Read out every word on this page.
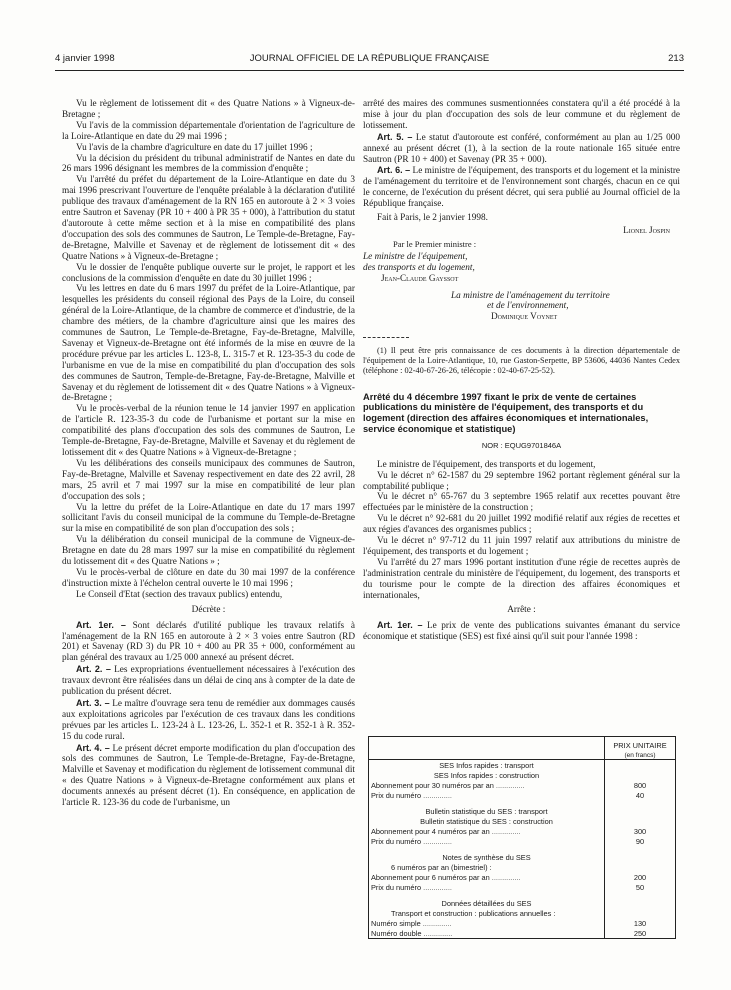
4 janvier 1998	JOURNAL OFFICIEL DE LA RÉPUBLIQUE FRANÇAISE	213

Vu le règlement de lotissement dit « des Quatre Nations » à Vigneux-de-Bretagne ;

Vu l'avis de la commission départementale d'orientation de l'agriculture de la Loire-Atlantique en date du 29 mai 1996 ;

Vu l'avis de la chambre d'agriculture en date du 17 juillet 1996 ;

Vu la décision du président du tribunal administratif de Nantes en date du 26 mars 1996 désignant les membres de la commission d'enquête ;

Vu l'arrêté du préfet du département de la Loire-Atlantique en date du 3 mai 1996 prescrivant l'ouverture de l'enquête préalable à la déclaration d'utilité publique des travaux d'aménagement de la RN 165 en autoroute à 2 × 3 voies entre Sautron et Savenay (PR 10 + 400 à PR 35 + 000), à l'attribution du statut d'autoroute à cette même section et à la mise en compatibilité des plans d'occupation des sols des communes de Sautron, Le Temple-de-Bretagne, Fay-de-Bretagne, Malville et Savenay et de règlement de lotissement dit « des Quatre Nations » à Vigneux-de-Bretagne ;

Vu le dossier de l'enquête publique ouverte sur le projet, le rapport et les conclusions de la commission d'enquête en date du 30 juillet 1996 ;

Vu les lettres en date du 6 mars 1997 du préfet de la Loire-Atlantique, par lesquelles les présidents du conseil régional des Pays de la Loire, du conseil général de la Loire-Atlantique, de la chambre de commerce et d'industrie, de la chambre des métiers, de la chambre d'agriculture ainsi que les maires des communes de Sautron, Le Temple-de-Bretagne, Fay-de-Bretagne, Malville, Savenay et Vigneux-de-Bretagne ont été informés de la mise en œuvre de la procédure prévue par les articles L. 123-8, L. 315-7 et R. 123-35-3 du code de l'urbanisme en vue de la mise en compatibilité du plan d'occupation des sols des communes de Sautron, Temple-de-Bretagne, Fay-de-Bretagne, Malville et Savenay et du règlement de lotissement dit « des Quatre Nations » à Vigneux-de-Bretagne ;

Vu le procès-verbal de la réunion tenue le 14 janvier 1997 en application de l'article R. 123-35-3 du code de l'urbanisme et portant sur la mise en compatibilité des plans d'occupation des sols des communes de Sautron, Le Temple-de-Bretagne, Fay-de-Bretagne, Malville et Savenay et du règlement de lotissement dit « des Quatre Nations » à Vigneux-de-Bretagne ;

Vu les délibérations des conseils municipaux des communes de Sautron, Fay-de-Bretagne, Malville et Savenay respectivement en date des 22 avril, 28 mars, 25 avril et 7 mai 1997 sur la mise en compatibilité de leur plan d'occupation des sols ;

Vu la lettre du préfet de la Loire-Atlantique en date du 17 mars 1997 sollicitant l'avis du conseil municipal de la commune du Temple-de-Bretagne sur la mise en compatibilité de son plan d'occupation des sols ;

Vu la délibération du conseil municipal de la commune de Vigneux-de-Bretagne en date du 28 mars 1997 sur la mise en compatibilité du règlement du lotissement dit « des Quatre Nations » ;

Vu le procès-verbal de clôture en date du 30 mai 1997 de la conférence d'instruction mixte à l'échelon central ouverte le 10 mai 1996 ;

Le Conseil d'Etat (section des travaux publics) entendu,

Décrète :

Art. 1er. – Sont déclarés d'utilité publique les travaux relatifs à l'aménagement de la RN 165 en autoroute à 2 × 3 voies entre Sautron (RD 201) et Savenay (RD 3) du PR 10 + 400 au PR 35 + 000, conformément au plan général des travaux au 1/25 000 annexé au présent décret.

Art. 2. – Les expropriations éventuellement nécessaires à l'exécution des travaux devront être réalisées dans un délai de cinq ans à compter de la date de publication du présent décret.

Art. 3. – Le maître d'ouvrage sera tenu de remédier aux dommages causés aux exploitations agricoles par l'exécution de ces travaux dans les conditions prévues par les articles L. 123-24 à L. 123-26, L. 352-1 et R. 352-1 à R. 352-15 du code rural.

Art. 4. – Le présent décret emporte modification du plan d'occupation des sols des communes de Sautron, Le Temple-de-Bretagne, Fay-de-Bretagne, Malville et Savenay et modification du règlement de lotissement communal dit « des Quatre Nations » à Vigneux-de-Bretagne conformément aux plans et documents annexés au présent décret (1). En conséquence, en application de l'article R. 123-36 du code de l'urbanisme, un

arrêté des maires des communes susmentionnées constatera qu'il a été procédé à la mise à jour du plan d'occupation des sols de leur commune et du règlement de lotissement.

Art. 5. – Le statut d'autoroute est conféré, conformément au plan au 1/25 000 annexé au présent décret (1), à la section de la route nationale 165 située entre Sautron (PR 10 + 400) et Savenay (PR 35 + 000).

Art. 6. – Le ministre de l'équipement, des transports et du logement et la ministre de l'aménagement du territoire et de l'environnement sont chargés, chacun en ce qui le concerne, de l'exécution du présent décret, qui sera publié au Journal officiel de la République française.

Fait à Paris, le 2 janvier 1998.

Lionel Jospin

Par le Premier ministre :

Le ministre de l'équipement,

des transports et du logement,

Jean-Claude Gayssot

La ministre de l'aménagement du territoire

et de l'environnement,

Dominique Voynet

(1) Il peut être pris connaissance de ces documents à la direction départementale de l'équipement de la Loire-Atlantique, 10, rue Gaston-Serpette, BP 53606, 44036 Nantes Cedex (téléphone : 02-40-67-26-26, télécopie : 02-40-67-25-52).

Arrêté du 4 décembre 1997 fixant le prix de vente de certaines publications du ministère de l'équipement, des transports et du logement (direction des affaires économiques et internationales, service économique et statistique)

NOR : EQUG9701846A

Le ministre de l'équipement, des transports et du logement,

Vu le décret n° 62-1587 du 29 septembre 1962 portant règlement général sur la comptabilité publique ;

Vu le décret n° 65-767 du 3 septembre 1965 relatif aux recettes pouvant être effectuées par le ministère de la construction ;

Vu le décret n° 92-681 du 20 juillet 1992 modifié relatif aux régies de recettes et aux régies d'avances des organismes publics ;

Vu le décret n° 97-712 du 11 juin 1997 relatif aux attributions du ministre de l'équipement, des transports et du logement ;

Vu l'arrêté du 27 mars 1996 portant institution d'une régie de recettes auprès de l'administration centrale du ministère de l'équipement, du logement, des transports et du tourisme pour le compte de la direction des affaires économiques et internationales,

Arrête :

Art. 1er. – Le prix de vente des publications suivantes émanant du service économique et statistique (SES) est fixé ainsi qu'il suit pour l'année 1998 :

	PRIX UNITAIRE
(en francs)
SES Infos rapides : transport	
SES Infos rapides : construction	
Abonnement pour 30 numéros par an ..............	800
Prix du numéro ..............	40

Bulletin statistique du SES : transport	
Bulletin statistique du SES : construction	
Abonnement pour 4 numéros par an ..............	300
Prix du numéro ..............	90

Notes de synthèse du SES	
6 numéros par an (bimestriel) :	
Abonnement pour 6 numéros par an ..............	200
Prix du numéro ..............	50

Données détaillées du SES	
Transport et construction : publications annuelles :	
Numéro simple ..............	130
Numéro double ..............	250
